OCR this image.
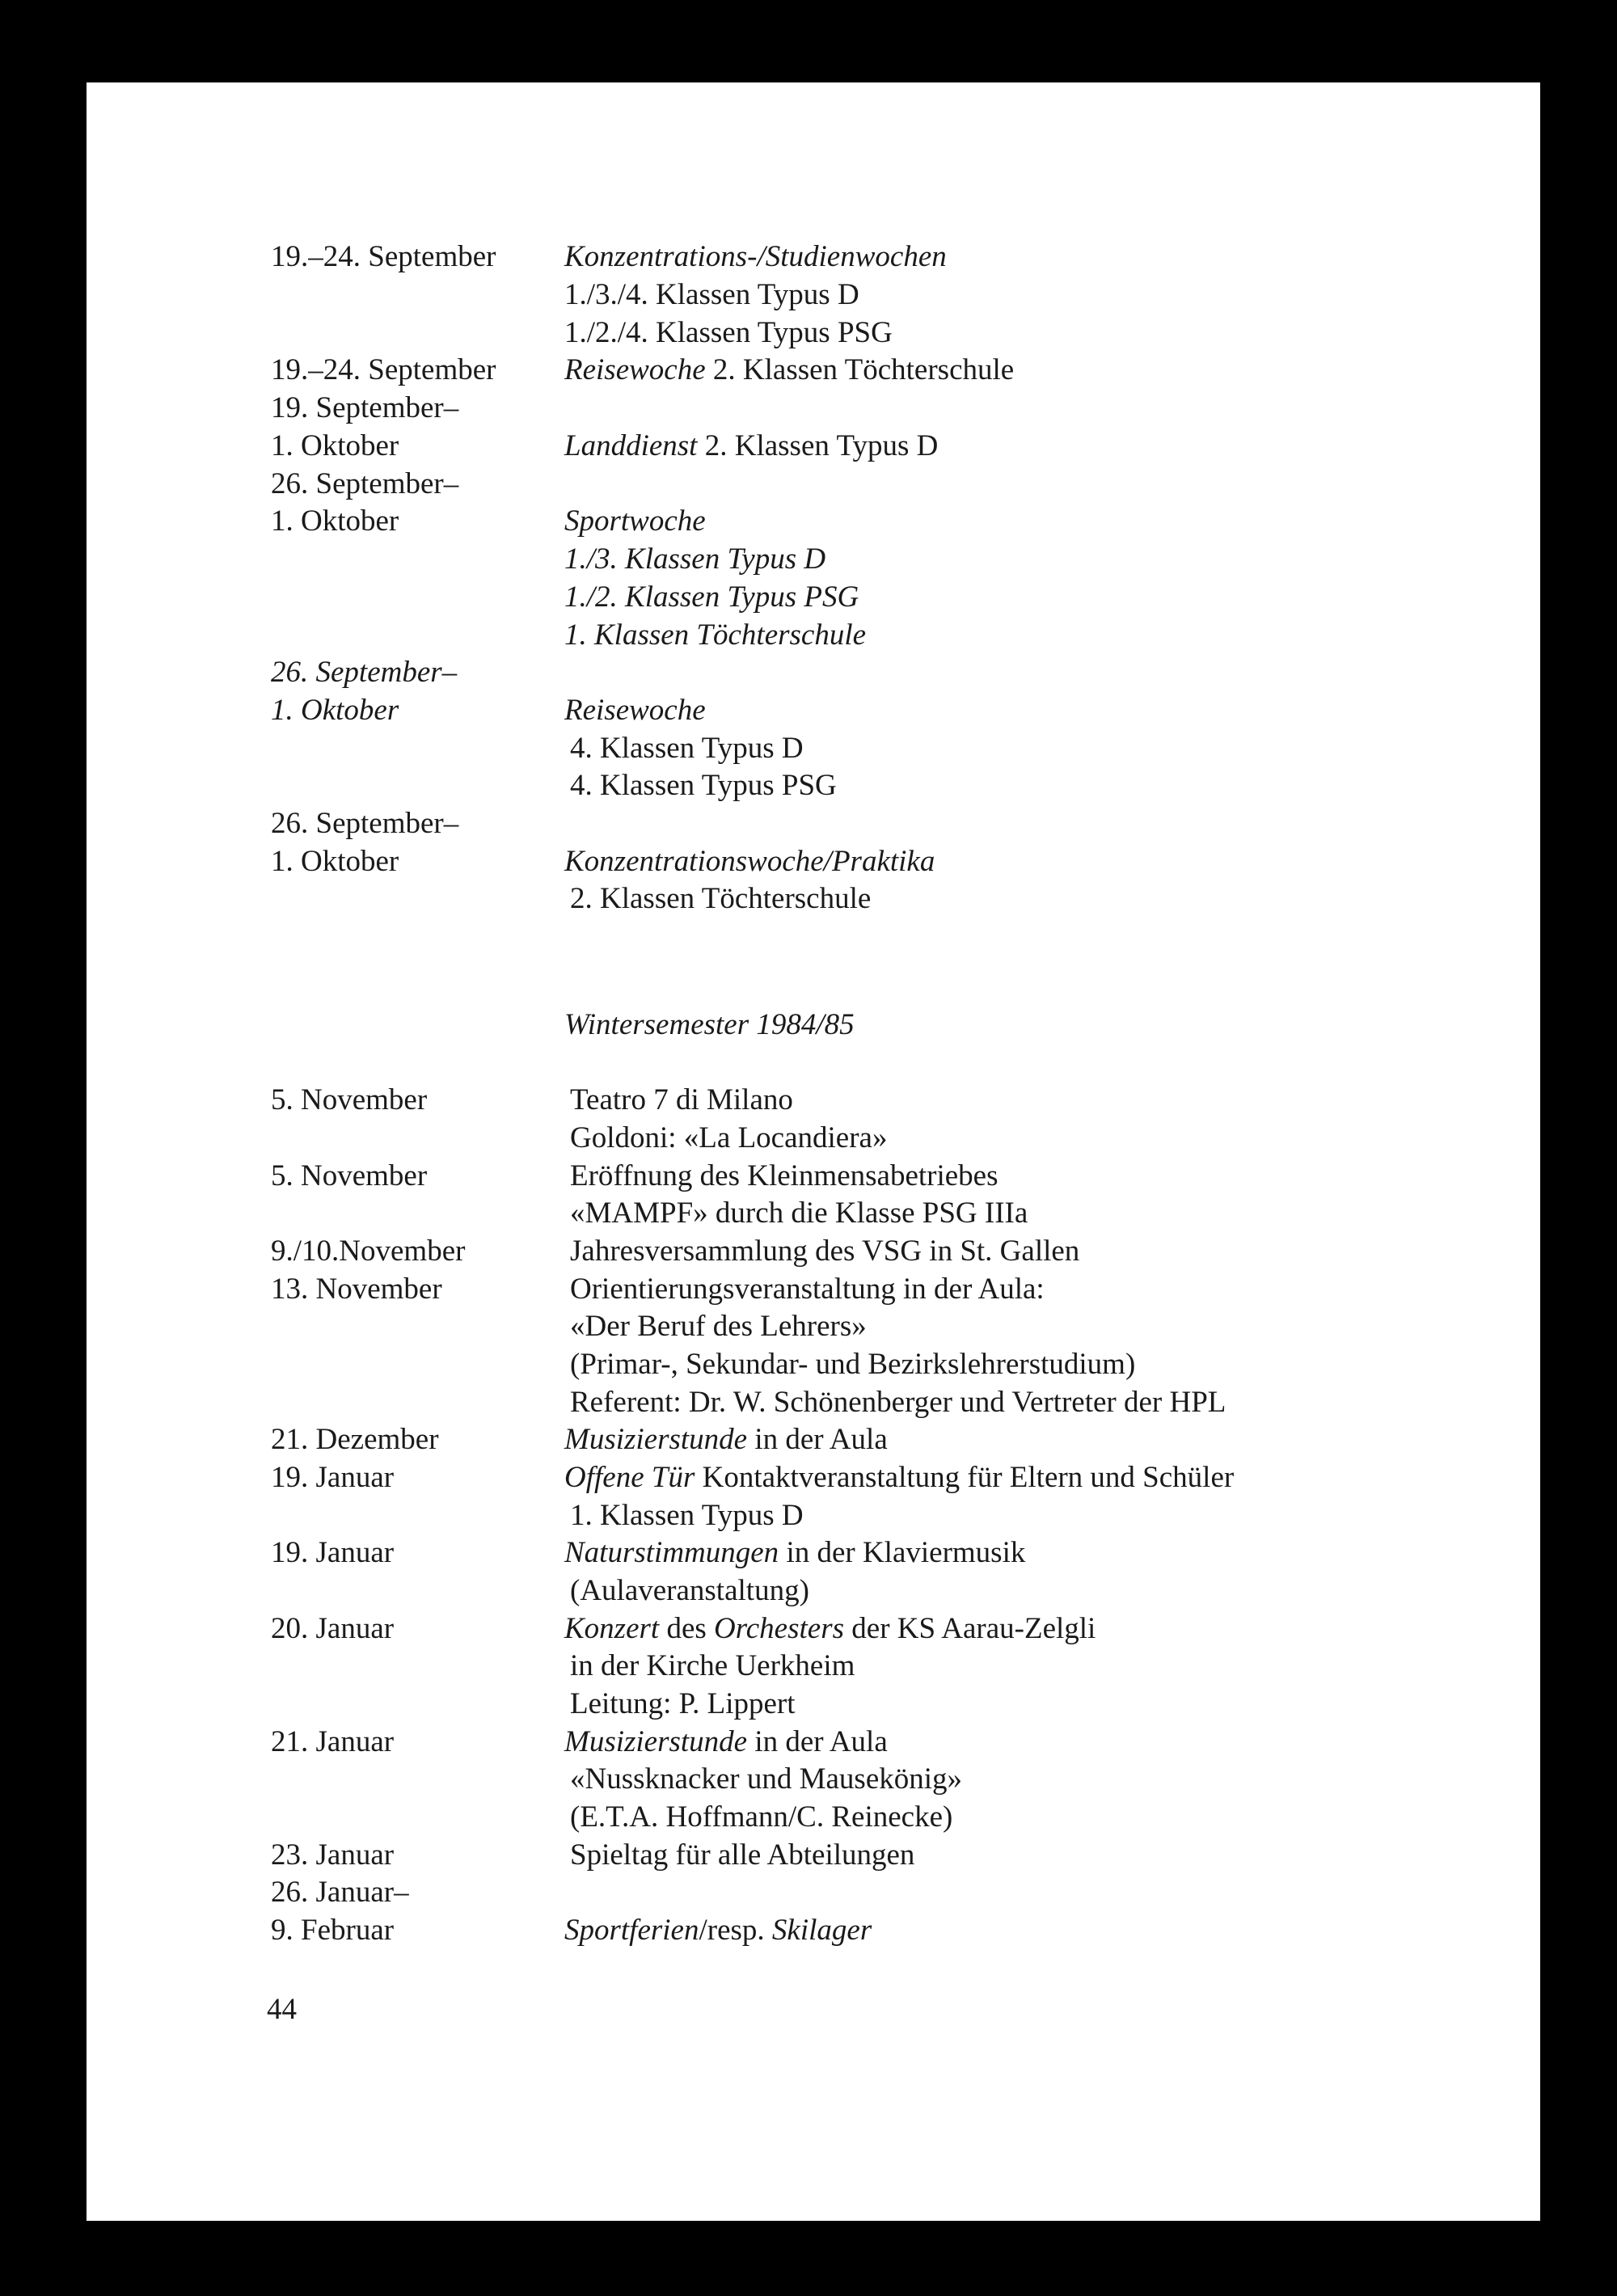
19.–24. September Konzentrations-/Studienwochen
1./3./4. Klassen Typus D
1./2./4. Klassen Typus PSG
19.–24. September Reisewoche 2. Klassen Töchterschule
19. September–
1. Oktober	Landdienst 2. Klassen Typus D
26. September–
1. Oktober	Sportwoche
1./3. Klassen Typus D
1./2. Klassen Typus PSG
1. Klassen Töchterschule
26. September–
1. Oktober	Reisewoche
4. Klassen Typus D
4. Klassen Typus PSG
26. September–
1. Oktober	Konzentrationswoche/Praktika
2. Klassen Töchterschule
Wintersemester 1984/85
5. November	Teatro 7 di Milano
Goldoni: «La Locandiera»
5. November	Eröffnung des Kleinmensabetriebes
«MAMPF» durch die Klasse PSG IIIa
9./10.November	Jahresversammlung des VSG in St. Gallen
13. November	Orientierungsveranstaltung in der Aula:
«Der Beruf des Lehrers»
(Primar-, Sekundar- und Bezirkslehrerstudium)
Referent: Dr. W. Schönenberger und Vertreter der HPL
21. Dezember	Musizierstunde in der Aula
19. Januar	Offene Tür Kontaktveranstaltung für Eltern und Schüler
1. Klassen Typus D
19. Januar	Naturstimmungen in der Klaviermusik
(Aulaveranstaltung)
20. Januar	Konzert des Orchesters der KS Aarau-Zelgli
in der Kirche Uerkheim
Leitung: P. Lippert
21. Januar	Musizierstunde in der Aula
«Nussknacker und Mausekönig»
(E.T.A. Hoffmann/C. Reinecke)
23. Januar	Spieltag für alle Abteilungen
26. Januar–
9. Februar	Sportferien/resp. Skilager
44
